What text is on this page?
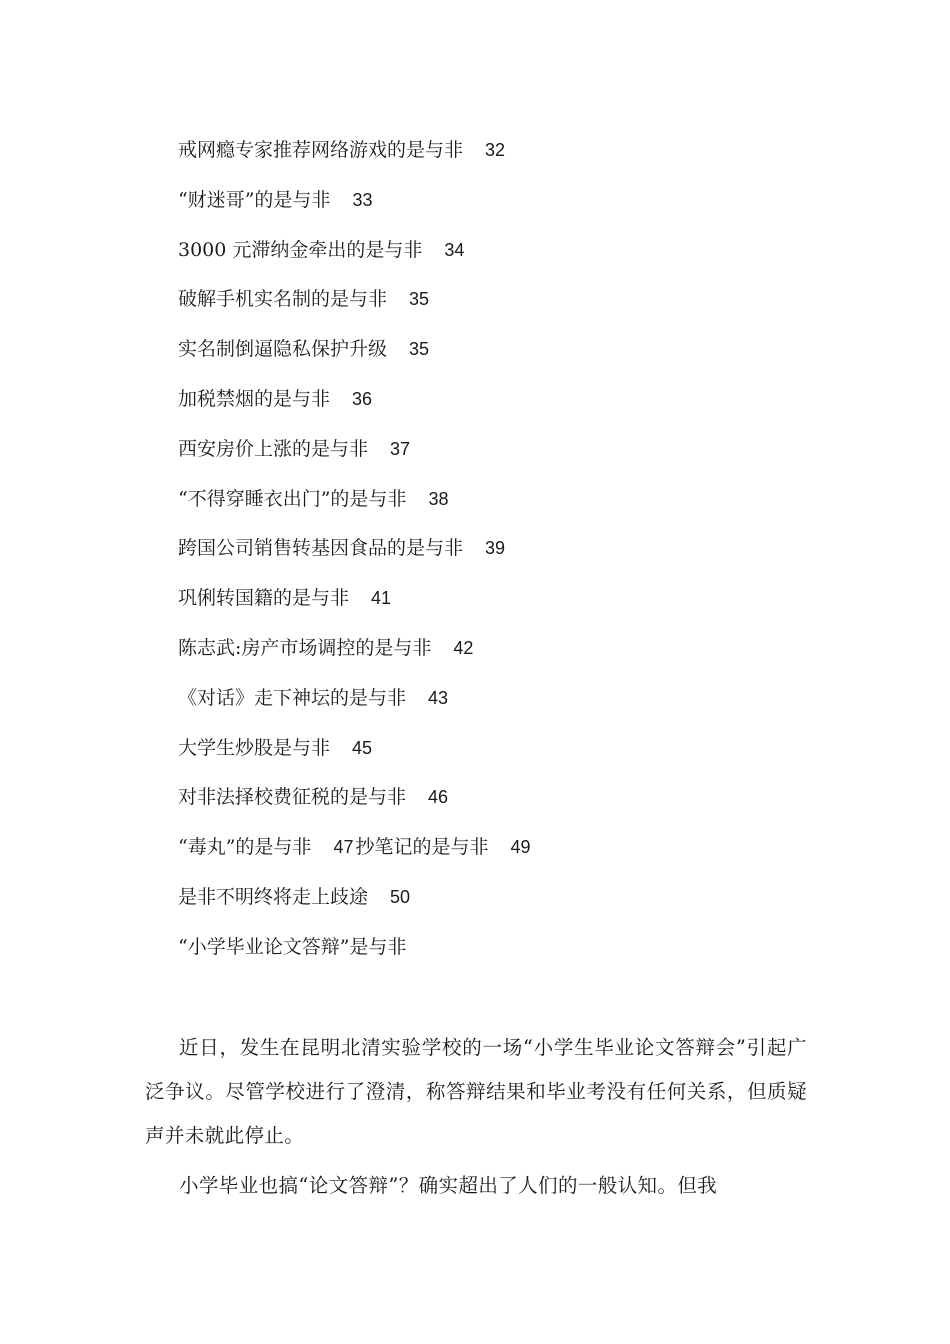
戒网瘾专家推荐网络游戏的是与非 32
“财迷哥”的是与非 33
3000 元滞纳金牵出的是与非 34
破解手机实名制的是与非 35
实名制倒逼隐私保护升级 35
加税禁烟的是与非 36
西安房价上涨的是与非 37
“不得穿睡衣出门”的是与非 38
跨国公司销售转基因食品的是与非 39
巩俐转国籍的是与非 41
陈志武:房产市场调控的是与非 42
《对话》走下神坛的是与非 43
大学生炒股是与非 45
对非法择校费征税的是与非 46
“毒丸”的是与非 47 抄笔记的是与非 49
是非不明终将走上歧途 50
“小学毕业论文答辩”是与非

近日，发生在昆明北清实验学校的一场“小学生毕业论文答辩会”引起广泛争议。尽管学校进行了澄清，称答辩结果和毕业考没有任何关系，但质疑声并未就此停止。

小学毕业也搞“论文答辩”？确实超出了人们的一般认知。但我
